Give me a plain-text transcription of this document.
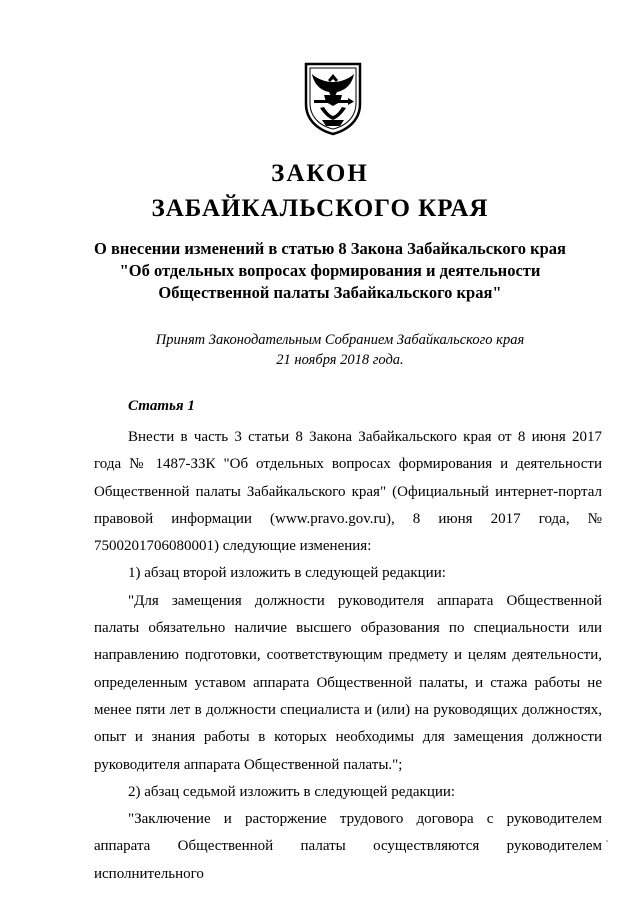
ЗАКОН
ЗАБАЙКАЛЬСКОГО КРАЯ
О внесении изменений в статью 8 Закона Забайкальского края
"Об отдельных вопросах формирования и деятельности
Общественной палаты Забайкальского края"
Принят Законодательным Собранием Забайкальского края
21 ноября 2018 года.
Статья 1

Внести в часть 3 статьи 8 Закона Забайкальского края от 8 июня 2017 года № 1487-ЗЗК "Об отдельных вопросах формирования и деятельности Общественной палаты Забайкальского края" (Официальный интернет-портал правовой информации (www.pravo.gov.ru), 8 июня 2017 года, № 7500201706080001) следующие изменения:

1) абзац второй изложить в следующей редакции:

"Для замещения должности руководителя аппарата Общественной палаты обязательно наличие высшего образования по специальности или направлению подготовки, соответствующим предмету и целям деятельности, определенным уставом аппарата Общественной палаты, и стажа работы не менее пяти лет в должности специалиста и (или) на руководящих должностях, опыт и знания работы в которых необходимы для замещения должности руководителя аппарата Общественной палаты.";

2) абзац седьмой изложить в следующей редакции:

"Заключение и расторжение трудового договора с руководителем аппарата Общественной палаты осуществляются руководителем исполнительного
